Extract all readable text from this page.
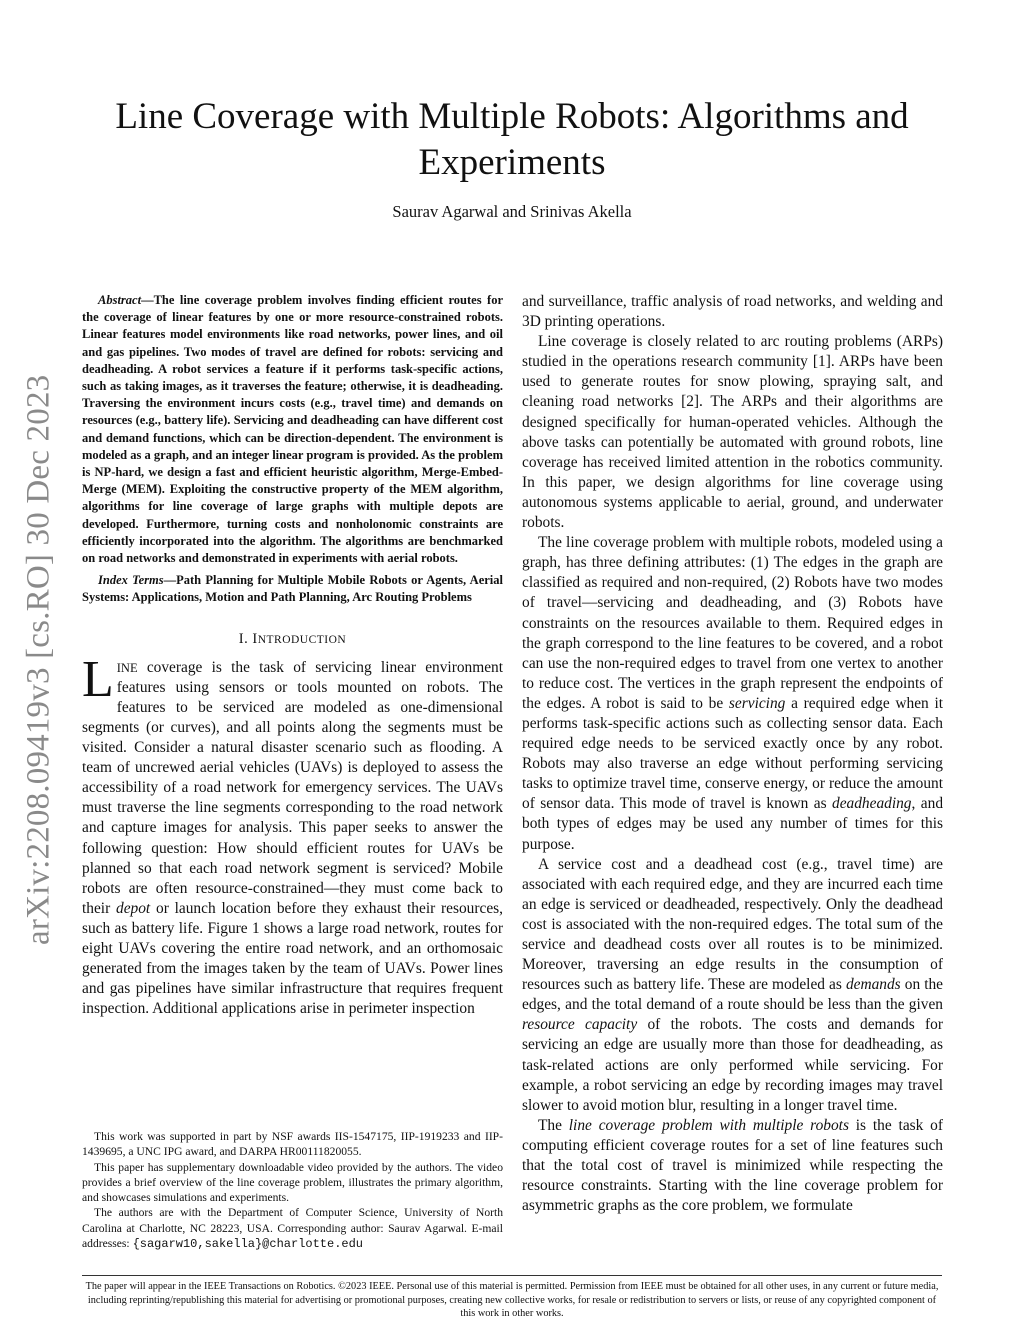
arXiv:2208.09419v3 [cs.RO] 30 Dec 2023
Line Coverage with Multiple Robots: Algorithms and Experiments
Saurav Agarwal and Srinivas Akella

Abstract—The line coverage problem involves finding efficient routes for the coverage of linear features by one or more resource-constrained robots. Linear features model environments like road networks, power lines, and oil and gas pipelines. Two modes of travel are defined for robots: servicing and deadheading. A robot services a feature if it performs task-specific actions, such as taking images, as it traverses the feature; otherwise, it is deadheading. Traversing the environment incurs costs (e.g., travel time) and demands on resources (e.g., battery life). Servicing and deadheading can have different cost and demand functions, which can be direction-dependent. The environment is modeled as a graph, and an integer linear program is provided. As the problem is NP-hard, we design a fast and efficient heuristic algorithm, Merge-Embed-Merge (MEM). Exploiting the constructive property of the MEM algorithm, algorithms for line coverage of large graphs with multiple depots are developed. Furthermore, turning costs and nonholonomic constraints are efficiently incorporated into the algorithm. The algorithms are benchmarked on road networks and demonstrated in experiments with aerial robots.

Index Terms—Path Planning for Multiple Mobile Robots or Agents, Aerial Systems: Applications, Motion and Path Planning, Arc Routing Problems

I. INTRODUCTION

LINE coverage is the task of servicing linear environment features using sensors or tools mounted on robots. The features to be serviced are modeled as one-dimensional segments (or curves), and all points along the segments must be visited. Consider a natural disaster scenario such as flooding. A team of uncrewed aerial vehicles (UAVs) is deployed to assess the accessibility of a road network for emergency services. The UAVs must traverse the line segments corresponding to the road network and capture images for analysis. This paper seeks to answer the following question: How should efficient routes for UAVs be planned so that each road network segment is serviced? Mobile robots are often resource-constrained—they must come back to their depot or launch location before they exhaust their resources, such as battery life. Figure 1 shows a large road network, routes for eight UAVs covering the entire road network, and an orthomosaic generated from the images taken by the team of UAVs. Power lines and gas pipelines have similar infrastructure that requires frequent inspection. Additional applications arise in perimeter inspection

This work was supported in part by NSF awards IIS-1547175, IIP-1919233 and IIP-1439695, a UNC IPG award, and DARPA HR00111820055.

This paper has supplementary downloadable video provided by the authors. The video provides a brief overview of the line coverage problem, illustrates the primary algorithm, and showcases simulations and experiments.

The authors are with the Department of Computer Science, University of North Carolina at Charlotte, NC 28223, USA. Corresponding author: Saurav Agarwal. E-mail addresses: {sagarw10,sakella}@charlotte.edu

and surveillance, traffic analysis of road networks, and welding and 3D printing operations.

Line coverage is closely related to arc routing problems (ARPs) studied in the operations research community [1]. ARPs have been used to generate routes for snow plowing, spraying salt, and cleaning road networks [2]. The ARPs and their algorithms are designed specifically for human-operated vehicles. Although the above tasks can potentially be automated with ground robots, line coverage has received limited attention in the robotics community. In this paper, we design algorithms for line coverage using autonomous systems applicable to aerial, ground, and underwater robots.

The line coverage problem with multiple robots, modeled using a graph, has three defining attributes: (1) The edges in the graph are classified as required and non-required, (2) Robots have two modes of travel—servicing and deadheading, and (3) Robots have constraints on the resources available to them. Required edges in the graph correspond to the line features to be covered, and a robot can use the non-required edges to travel from one vertex to another to reduce cost. The vertices in the graph represent the endpoints of the edges. A robot is said to be servicing a required edge when it performs task-specific actions such as collecting sensor data. Each required edge needs to be serviced exactly once by any robot. Robots may also traverse an edge without performing servicing tasks to optimize travel time, conserve energy, or reduce the amount of sensor data. This mode of travel is known as deadheading, and both types of edges may be used any number of times for this purpose.

A service cost and a deadhead cost (e.g., travel time) are associated with each required edge, and they are incurred each time an edge is serviced or deadheaded, respectively. Only the deadhead cost is associated with the non-required edges. The total sum of the service and deadhead costs over all routes is to be minimized. Moreover, traversing an edge results in the consumption of resources such as battery life. These are modeled as demands on the edges, and the total demand of a route should be less than the given resource capacity of the robots. The costs and demands for servicing an edge are usually more than those for deadheading, as task-related actions are only performed while servicing. For example, a robot servicing an edge by recording images may travel slower to avoid motion blur, resulting in a longer travel time.

The line coverage problem with multiple robots is the task of computing efficient coverage routes for a set of line features such that the total cost of travel is minimized while respecting the resource constraints. Starting with the line coverage problem for asymmetric graphs as the core problem, we formulate

The paper will appear in the IEEE Transactions on Robotics. ©2023 IEEE. Personal use of this material is permitted. Permission from IEEE must be obtained for all other uses, in any current or future media, including reprinting/republishing this material for advertising or promotional purposes, creating new collective works, for resale or redistribution to servers or lists, or reuse of any copyrighted component of this work in other works.
